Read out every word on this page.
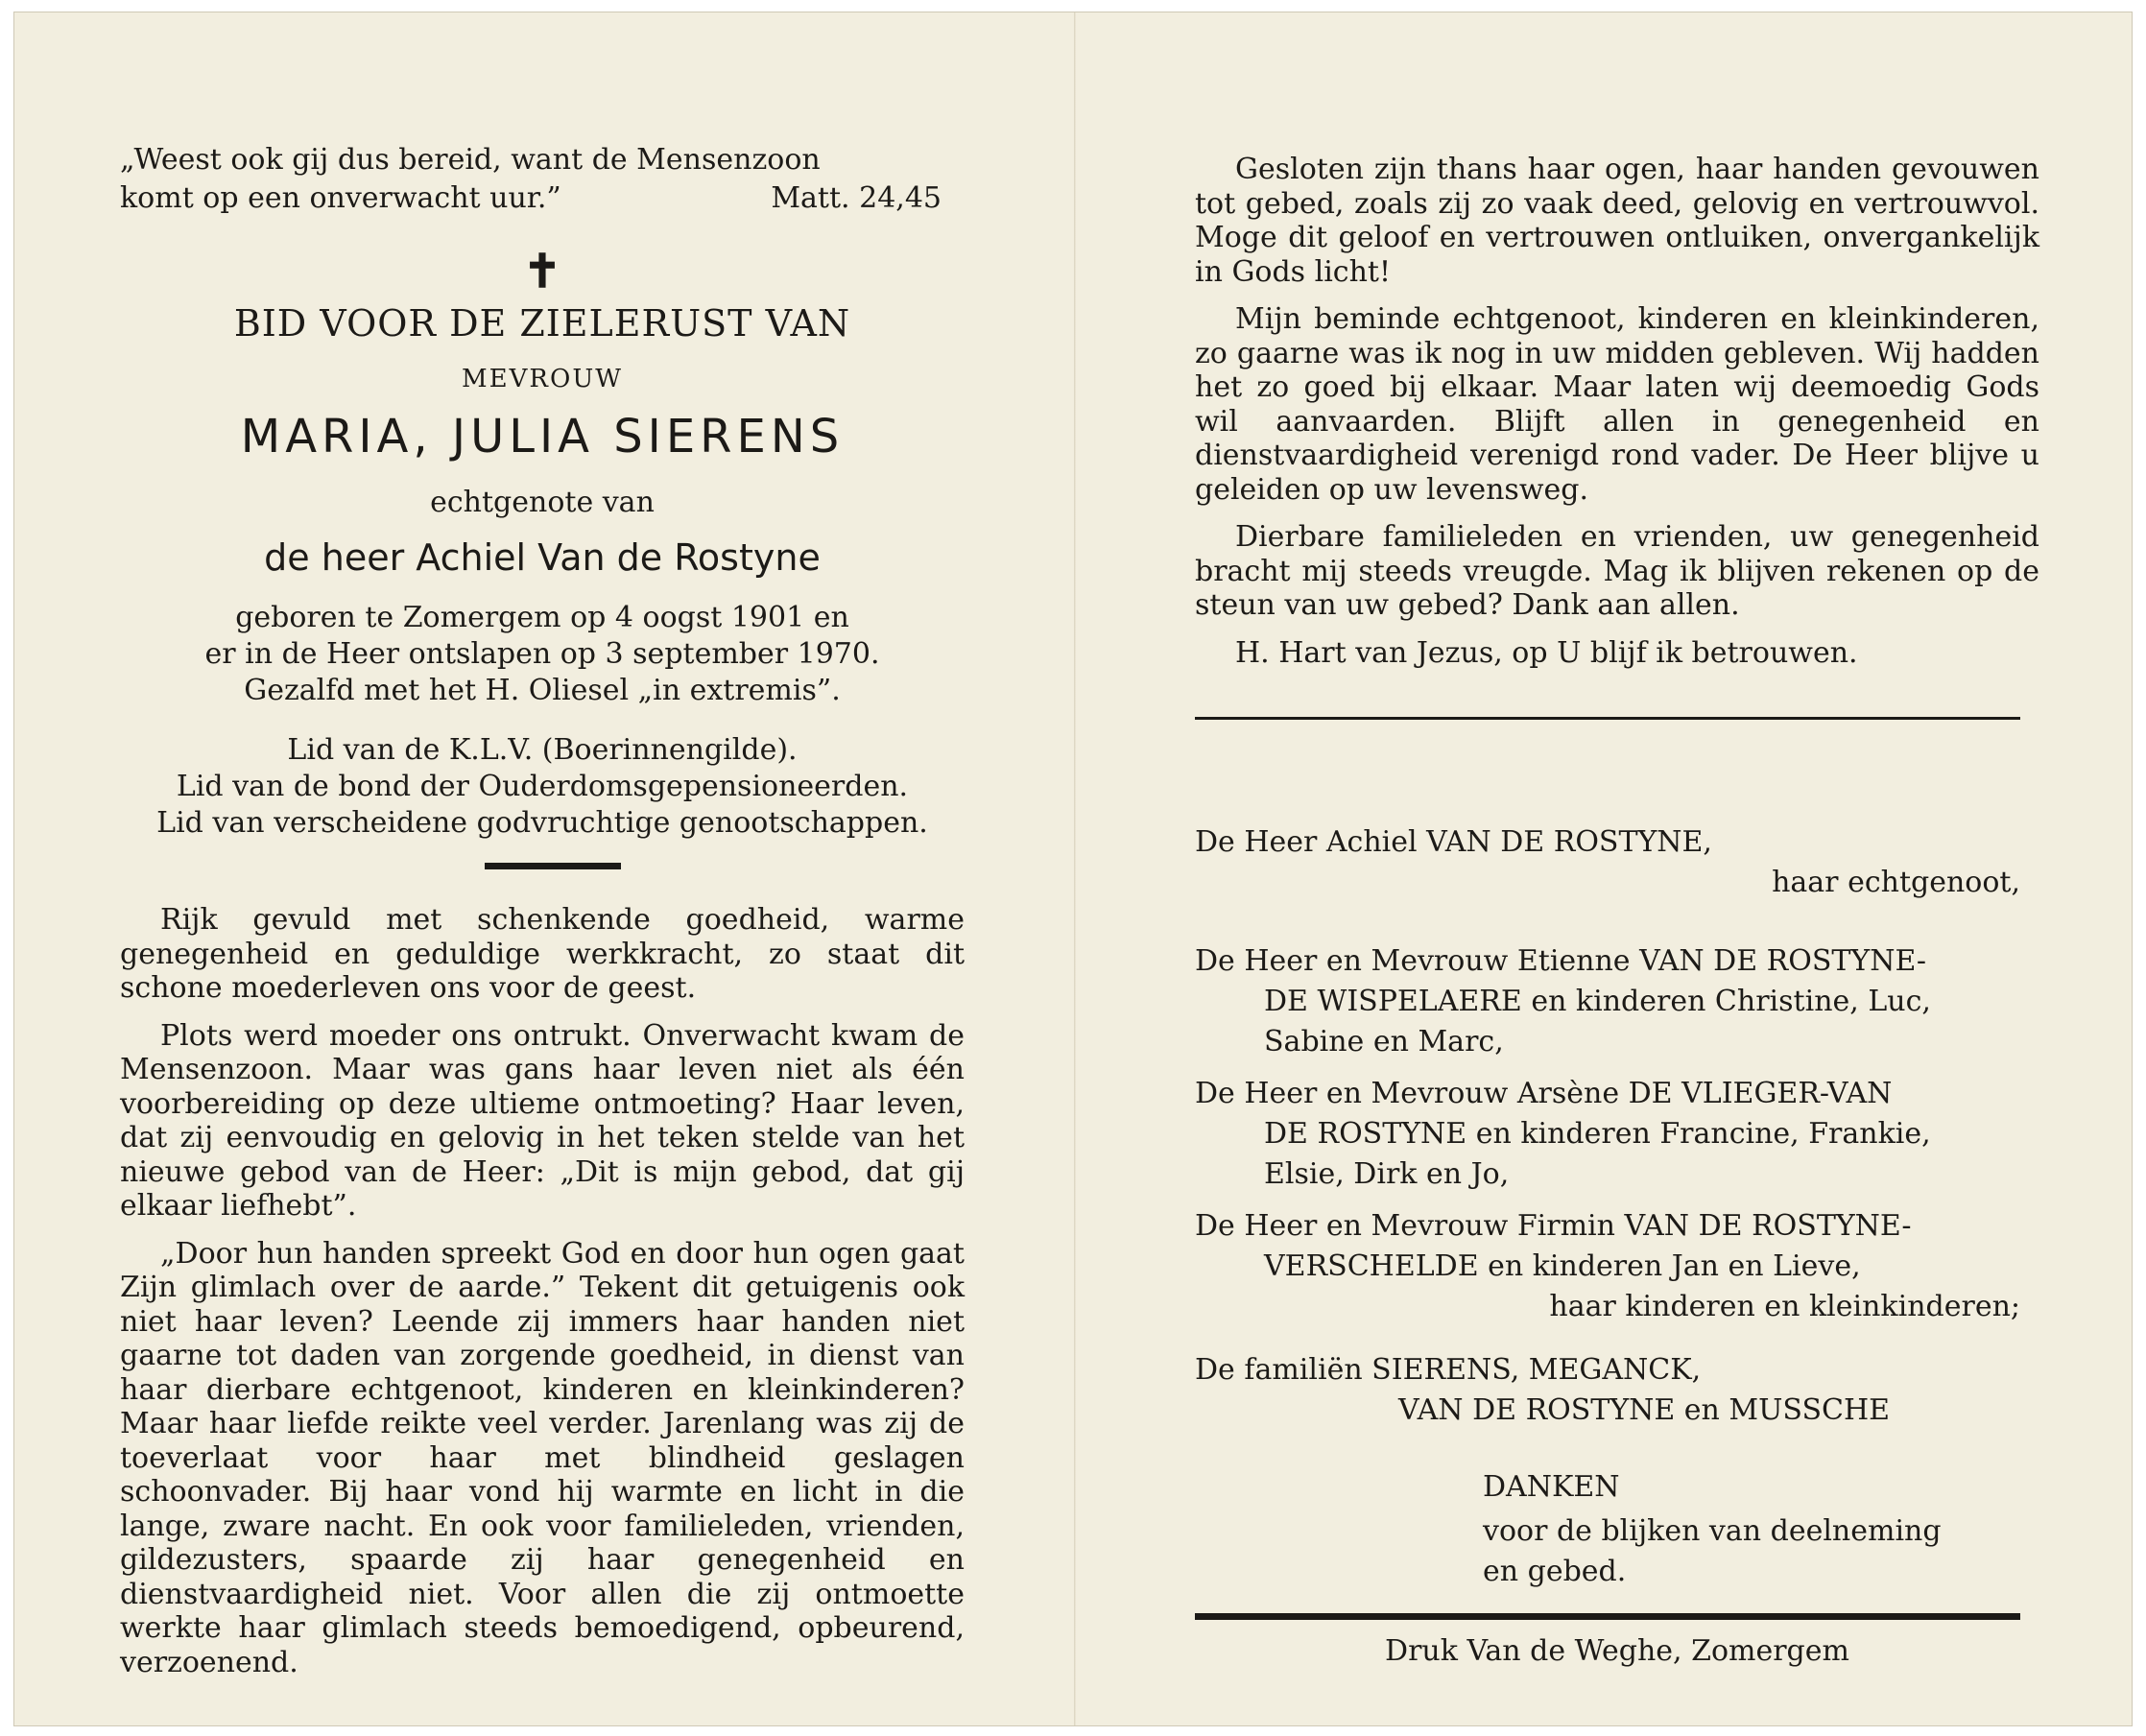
„Weest ook gij dus bereid, want de Mensenzoon
komt op een onverwacht uur.”	Matt. 24,45
✝
BID VOOR DE ZIELERUST VAN
MEVROUW
MARIA, JULIA SIERENS
echtgenote van
de heer Achiel Van de Rostyne
geboren te Zomergem op 4 oogst 1901 en
er in de Heer ontslapen op 3 september 1970.
Gezalfd met het H. Oliesel „in extremis”.
Lid van de K.L.V. (Boerinnengilde).
Lid van de bond der Ouderdomsgepensioneerden.
Lid van verscheidene godvruchtige genootschappen.

Rijk gevuld met schenkende goedheid, warme genegenheid en geduldige werkkracht, zo staat dit schone moederleven ons voor de geest.

Plots werd moeder ons ontrukt. Onverwacht kwam de Mensenzoon. Maar was gans haar leven niet als één voorbereiding op deze ultieme ontmoeting? Haar leven, dat zij eenvoudig en gelovig in het teken stelde van het nieuwe gebod van de Heer: „Dit is mijn gebod, dat gij elkaar liefhebt”.

„Door hun handen spreekt God en door hun ogen gaat Zijn glimlach over de aarde.” Tekent dit getuigenis ook niet haar leven? Leende zij immers haar handen niet gaarne tot daden van zorgende goedheid, in dienst van haar dierbare echtgenoot, kinderen en kleinkinderen? Maar haar liefde reikte veel verder. Jarenlang was zij de toeverlaat voor haar met blindheid geslagen schoonvader. Bij haar vond hij warmte en licht in die lange, zware nacht. En ook voor familieleden, vrienden, gildezusters, spaarde zij haar genegenheid en dienstvaardigheid niet. Voor allen die zij ontmoette werkte haar glimlach steeds bemoedigend, opbeurend, verzoenend.

Gesloten zijn thans haar ogen, haar handen gevouwen tot gebed, zoals zij zo vaak deed, gelovig en vertrouwvol. Moge dit geloof en vertrouwen ontluiken, onvergankelijk in Gods licht!

Mijn beminde echtgenoot, kinderen en kleinkinderen, zo gaarne was ik nog in uw midden gebleven. Wij hadden het zo goed bij elkaar. Maar laten wij deemoedig Gods wil aanvaarden. Blijft allen in genegenheid en dienstvaardigheid verenigd rond vader. De Heer blijve u geleiden op uw levensweg.

Dierbare familieleden en vrienden, uw genegenheid bracht mij steeds vreugde. Mag ik blijven rekenen op de steun van uw gebed? Dank aan allen.

H. Hart van Jezus, op U blijf ik betrouwen.

De Heer Achiel VAN DE ROSTYNE,

haar echtgenoot,

De Heer en Mevrouw Etienne VAN DE ROSTYNE-

DE WISPELAERE en kinderen Christine, Luc,

Sabine en Marc,

De Heer en Mevrouw Arsène DE VLIEGER-VAN

DE ROSTYNE en kinderen Francine, Frankie,

Elsie, Dirk en Jo,

De Heer en Mevrouw Firmin VAN DE ROSTYNE-

VERSCHELDE en kinderen Jan en Lieve,

haar kinderen en kleinkinderen;

De familiën SIERENS, MEGANCK,

VAN DE ROSTYNE en MUSSCHE

DANKEN

voor de blijken van deelneming

en gebed.

Druk Van de Weghe, Zomergem
